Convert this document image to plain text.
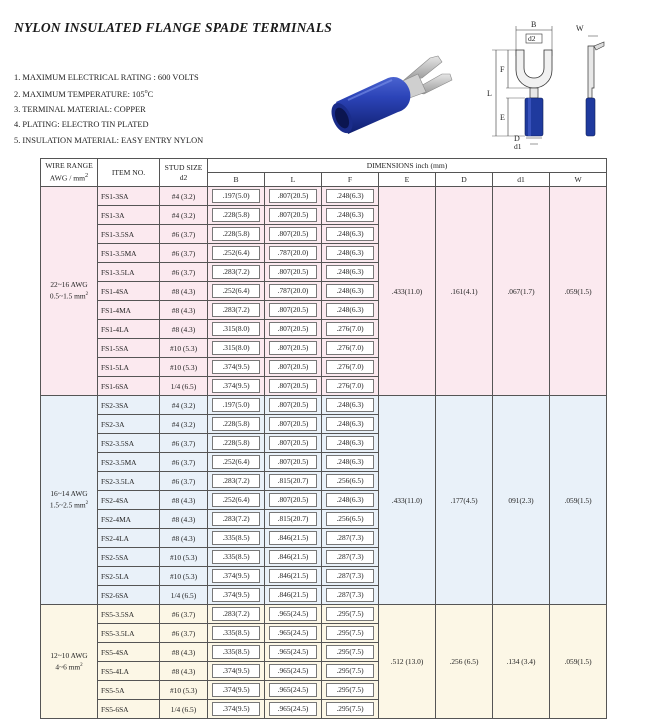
NYLON INSULATED FLANGE SPADE TERMINALS
1. MAXIMUM ELECTRICAL RATING : 600 VOLTS
2. MAXIMUM TEMPERATURE: 105$^o$C
3. TERMINAL MATERIAL: COPPER
4. PLATING: ELECTRO TIN PLATED
5. INSULATION MATERIAL: EASY ENTRY NYLON
B
d2
D
d1
L
F
E
W
WIRE RANGE
AWG / $mm^2$	ITEM NO.	STUD SIZE
d2	DIMENSIONS inch (mm)						
			B	L	F	E	D	d1	W
22~16 AWG
0.5~1.5 $mm^2$	FS1-3SA	#4 (3.2)	.197(5.0)	.807(20.5)	.248(6.3)	.433(11.0)	.161(4.1)	.067(1.7)	.059(1.5)
	FS1-3A	#4 (3.2)	.228(5.8)	.807(20.5)	.248(6.3)				

	FS1-3.5SA	#6 (3.7)	.228(5.8)	.807(20.5)	.248(6.3)				

	FS1-3.5MA	#6 (3.7)	.252(6.4)	.787(20.0)	.248(6.3)				

	FS1-3.5LA	#6 (3.7)	.283(7.2)	.807(20.5)	.248(6.3)				

	FS1-4SA	#8 (4.3)	.252(6.4)	.787(20.0)	.248(6.3)				

	FS1-4MA	#8 (4.3)	.283(7.2)	.807(20.5)	.248(6.3)				

	FS1-4LA	#8 (4.3)	.315(8.0)	.807(20.5)	.276(7.0)				

	FS1-5SA	#10 (5.3)	.315(8.0)	.807(20.5)	.276(7.0)				

	FS1-5LA	#10 (5.3)	.374(9.5)	.807(20.5)	.276(7.0)				

	FS1-6SA	1/4 (6.5)	.374(9.5)	.807(20.5)	.276(7.0)				

16~14 AWG
1.5~2.5 $mm^2$	FS2-3SA	#4 (3.2)	.197(5.0)	.807(20.5)	.248(6.3)	.433(11.0)	.177(4.5)	091(2.3)	.059(1.5)
	FS2-3A	#4 (3.2)	.228(5.8)	.807(20.5)	.248(6.3)				

	FS2-3.5SA	#6 (3.7)	.228(5.8)	.807(20.5)	.248(6.3)				

	FS2-3.5MA	#6 (3.7)	.252(6.4)	.807(20.5)	.248(6.3)				

	FS2-3.5LA	#6 (3.7)	.283(7.2)	.815(20.7)	.256(6.5)				

	FS2-4SA	#8 (4.3)	.252(6.4)	.807(20.5)	.248(6.3)				

	FS2-4MA	#8 (4.3)	.283(7.2)	.815(20.7)	.256(6.5)				

	FS2-4LA	#8 (4.3)	.335(8.5)	.846(21.5)	.287(7.3)				

	FS2-5SA	#10 (5.3)	.335(8.5)	.846(21.5)	.287(7.3)				

	FS2-5LA	#10 (5.3)	.374(9.5)	.846(21.5)	.287(7.3)				

	FS2-6SA	1/4 (6.5)	.374(9.5)	.846(21.5)	.287(7.3)				

12~10 AWG
4~6 $mm^2$	FS5-3.5SA	#6 (3.7)	.283(7.2)	.965(24.5)	.295(7.5)	.512 (13.0)	.256 (6.5)	.134 (3.4)	.059(1.5)
	FS5-3.5LA	#6 (3.7)	.335(8.5)	.965(24.5)	.295(7.5)				

	FS5-4SA	#8 (4.3)	.335(8.5)	.965(24.5)	.295(7.5)				

	FS5-4LA	#8 (4.3)	.374(9.5)	.965(24.5)	.295(7.5)				

	FS5-5A	#10 (5.3)	.374(9.5)	.965(24.5)	.295(7.5)				

	FS5-6SA	1/4 (6.5)	.374(9.5)	.965(24.5)	.295(7.5)				
